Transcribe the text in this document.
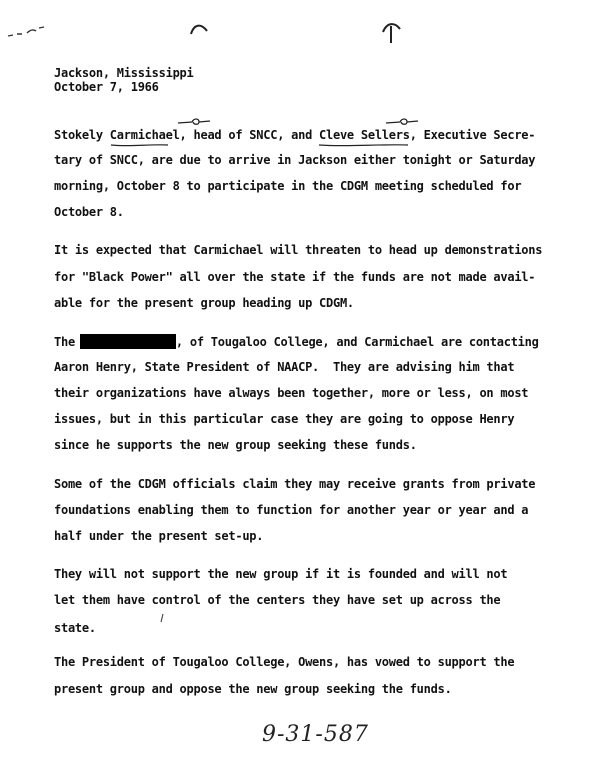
Jackson, Mississippi
October 7, 1966
Stokely Carmichael, head of SNCC, and Cleve Sellers, Executive Secre-
tary of SNCC, are due to arrive in Jackson either tonight or Saturday
morning, October 8 to participate in the CDGM meeting scheduled for
October 8.
It is expected that Carmichael will threaten to head up demonstrations
for "Black Power" all over the state if the funds are not made avail-
able for the present group heading up CDGM.
The	, of Tougaloo College, and Carmichael are contacting
Aaron Henry, State President of NAACP.  They are advising him that
their organizations have always been together, more or less, on most
issues, but in this particular case they are going to oppose Henry
since he supports the new group seeking these funds.
Some of the CDGM officials claim they may receive grants from private
foundations enabling them to function for another year or year and a
half under the present set-up.
They will not support the new group if it is founded and will not
let them have control of the centers they have set up across the
state.
The President of Tougaloo College, Owens, has vowed to support the
present group and oppose the new group seeking the funds.
9-31-587
